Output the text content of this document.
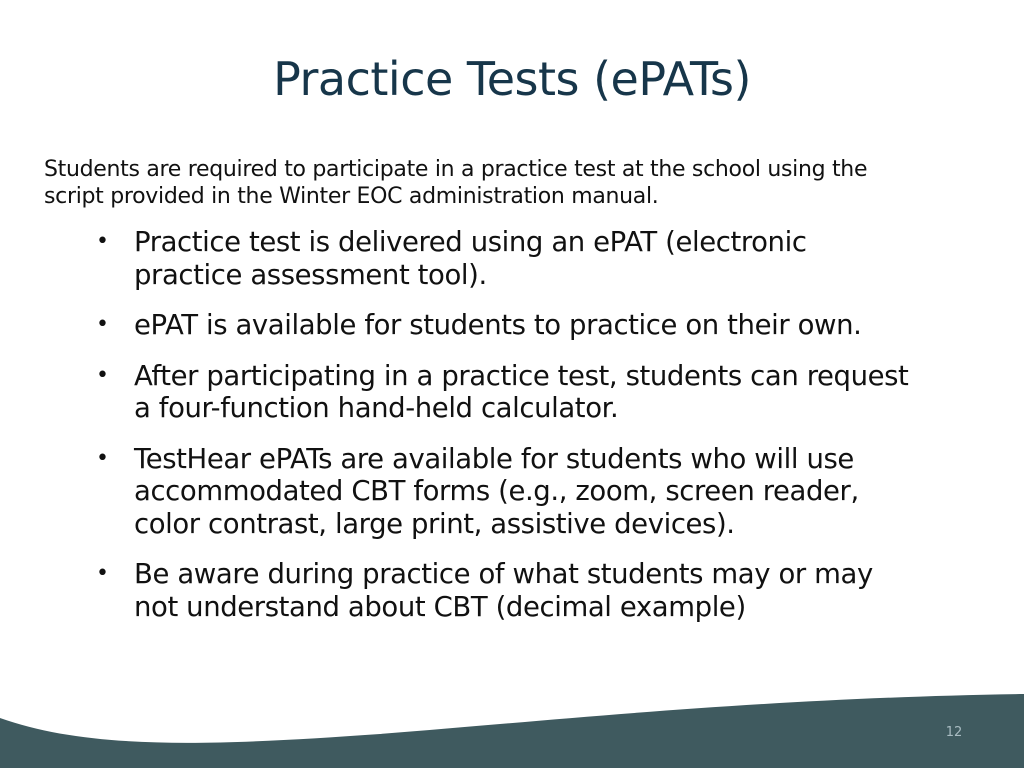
Practice Tests (ePATs)

Students are required to participate in a practice test at the school using the script provided in the Winter EOC administration manual.

• Practice test is delivered using an ePAT (electronic practice assessment tool).
• ePAT is available for students to practice on their own.
• After participating in a practice test, students can request a four-function hand-held calculator.
• TestHear ePATs are available for students who will use accommodated CBT forms (e.g., zoom, screen reader, color contrast, large print, assistive devices).
• Be aware during practice of what students may or may not understand about CBT (decimal example)
12
